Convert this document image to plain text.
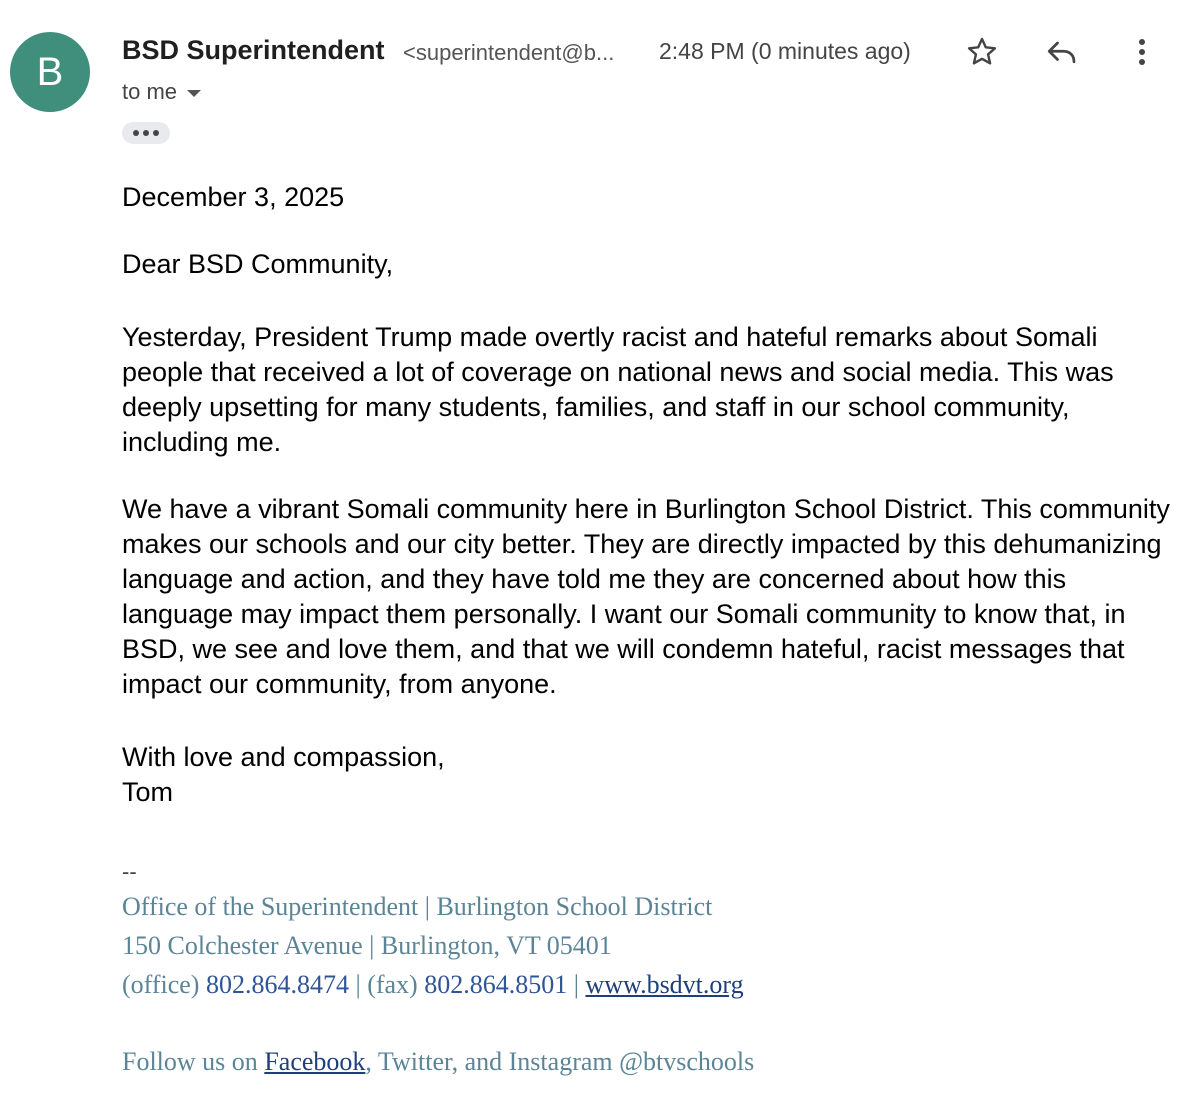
B BSD Superintendent <superintendent@b... 2:48 PM (0 minutes ago)
to me

December 3, 2025

Dear BSD Community,

Yesterday, President Trump made overtly racist and hateful remarks about Somali people that received a lot of coverage on national news and social media. This was deeply upsetting for many students, families, and staff in our school community, including me.

We have a vibrant Somali community here in Burlington School District. This community makes our schools and our city better. They are directly impacted by this dehumanizing language and action, and they have told me they are concerned about how this language may impact them personally. I want our Somali community to know that, in BSD, we see and love them, and that we will condemn hateful, racist messages that impact our community, from anyone.

With love and compassion,

Tom

--
Office of the Superintendent | Burlington School District
150 Colchester Avenue | Burlington, VT 05401
(office) 802.864.8474 | (fax) 802.864.8501 | www.bsdvt.org
Follow us on Facebook, Twitter, and Instagram @btvschools
